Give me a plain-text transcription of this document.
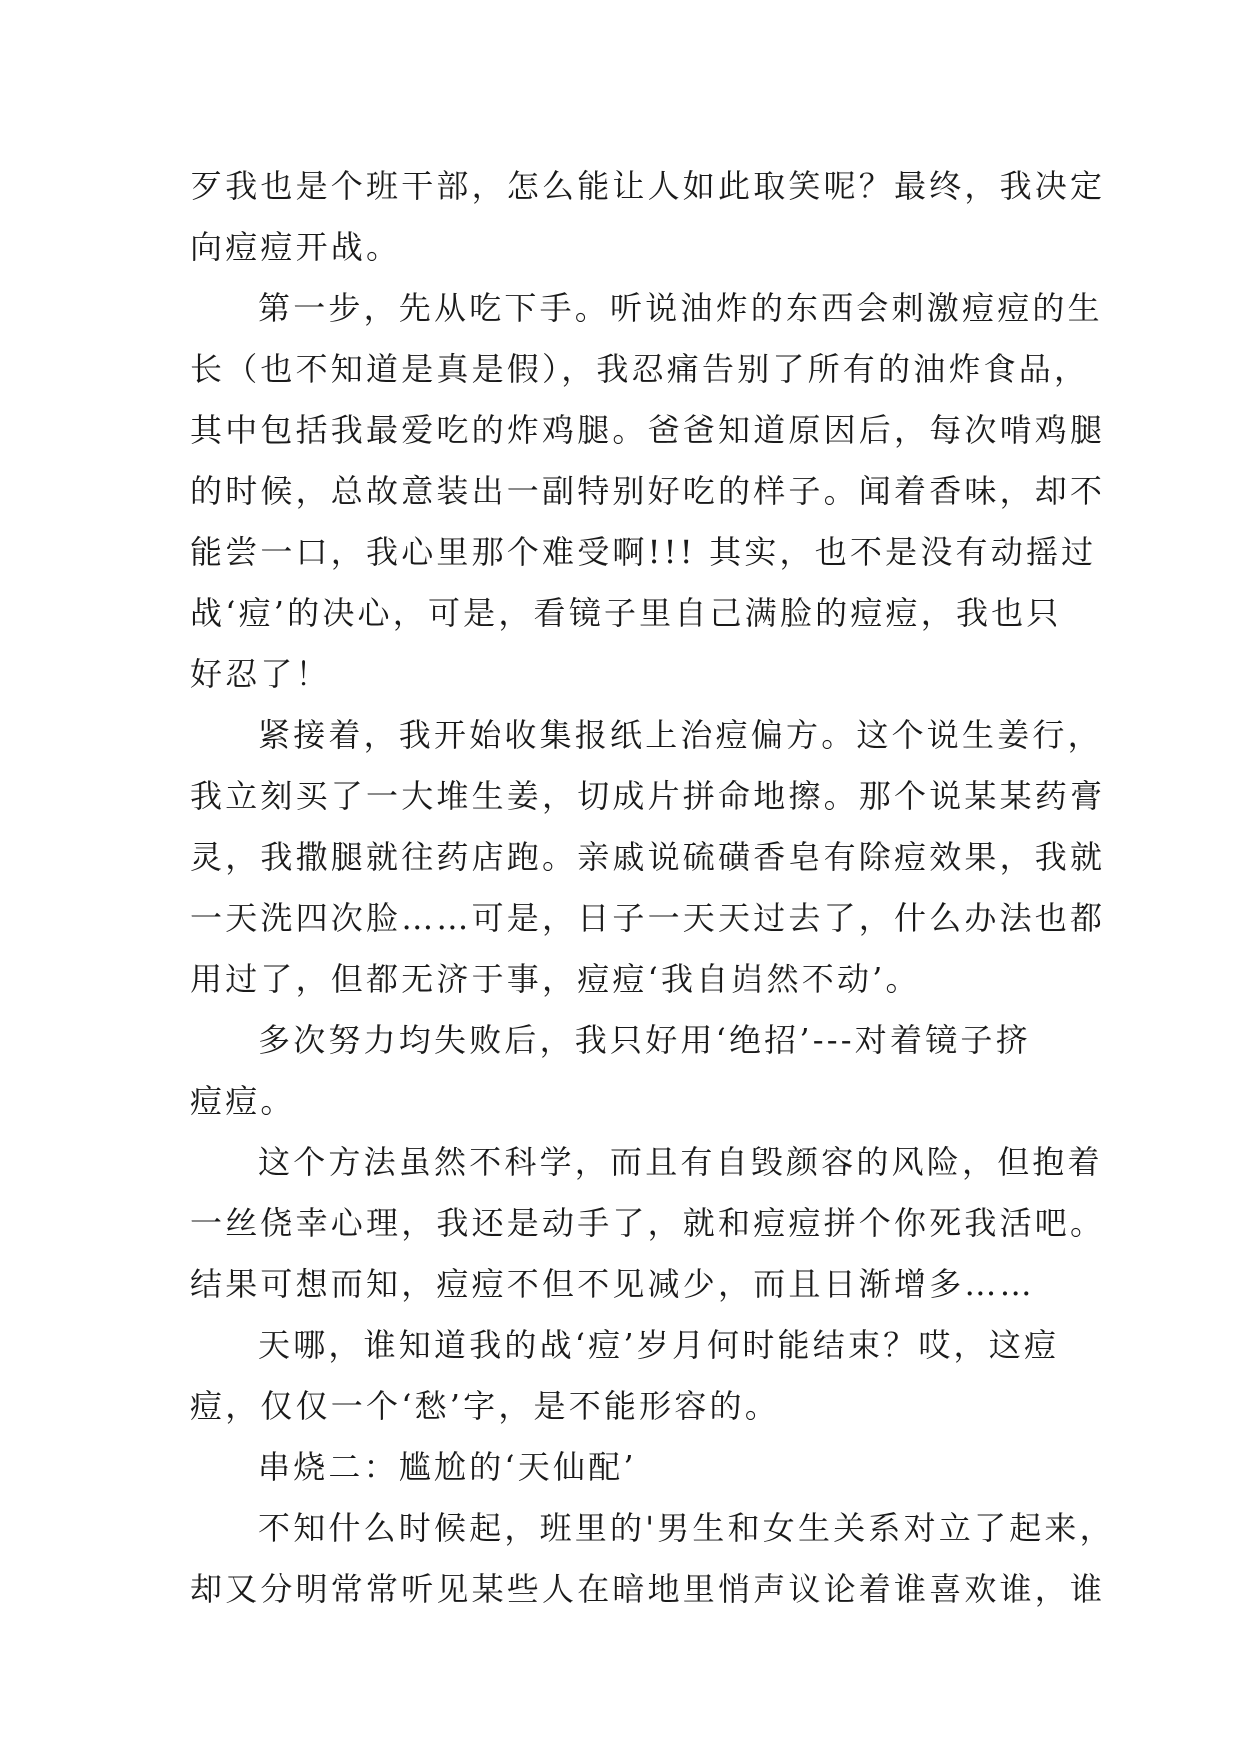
歹我也是个班干部，怎么能让人如此取笑呢？最终，我决定
向痘痘开战。
第一步，先从吃下手。听说油炸的东西会刺激痘痘的生
长（也不知道是真是假），我忍痛告别了所有的油炸食品，
其中包括我最爱吃的炸鸡腿。爸爸知道原因后，每次啃鸡腿
的时候，总故意装出一副特别好吃的样子。闻着香味，却不
能尝一口，我心里那个难受啊!!! 其实，也不是没有动摇过
战‘痘’的决心，可是，看镜子里自己满脸的痘痘，我也只
好忍了！
紧接着，我开始收集报纸上治痘偏方。这个说生姜行，
我立刻买了一大堆生姜，切成片拼命地擦。那个说某某药膏
灵，我撒腿就往药店跑。亲戚说硫磺香皂有除痘效果，我就
一天洗四次脸……可是，日子一天天过去了，什么办法也都
用过了，但都无济于事，痘痘‘我自岿然不动’。
多次努力均失败后，我只好用‘绝招’---对着镜子挤
痘痘。
这个方法虽然不科学，而且有自毁颜容的风险，但抱着
一丝侥幸心理，我还是动手了，就和痘痘拼个你死我活吧。
结果可想而知，痘痘不但不见减少，而且日渐增多……
天哪，谁知道我的战‘痘’岁月何时能结束？哎，这痘
痘，仅仅一个‘愁’字，是不能形容的。
串烧二：尴尬的‘天仙配’
不知什么时候起，班里的'男生和女生关系对立了起来，
却又分明常常听见某些人在暗地里悄声议论着谁喜欢谁，谁
